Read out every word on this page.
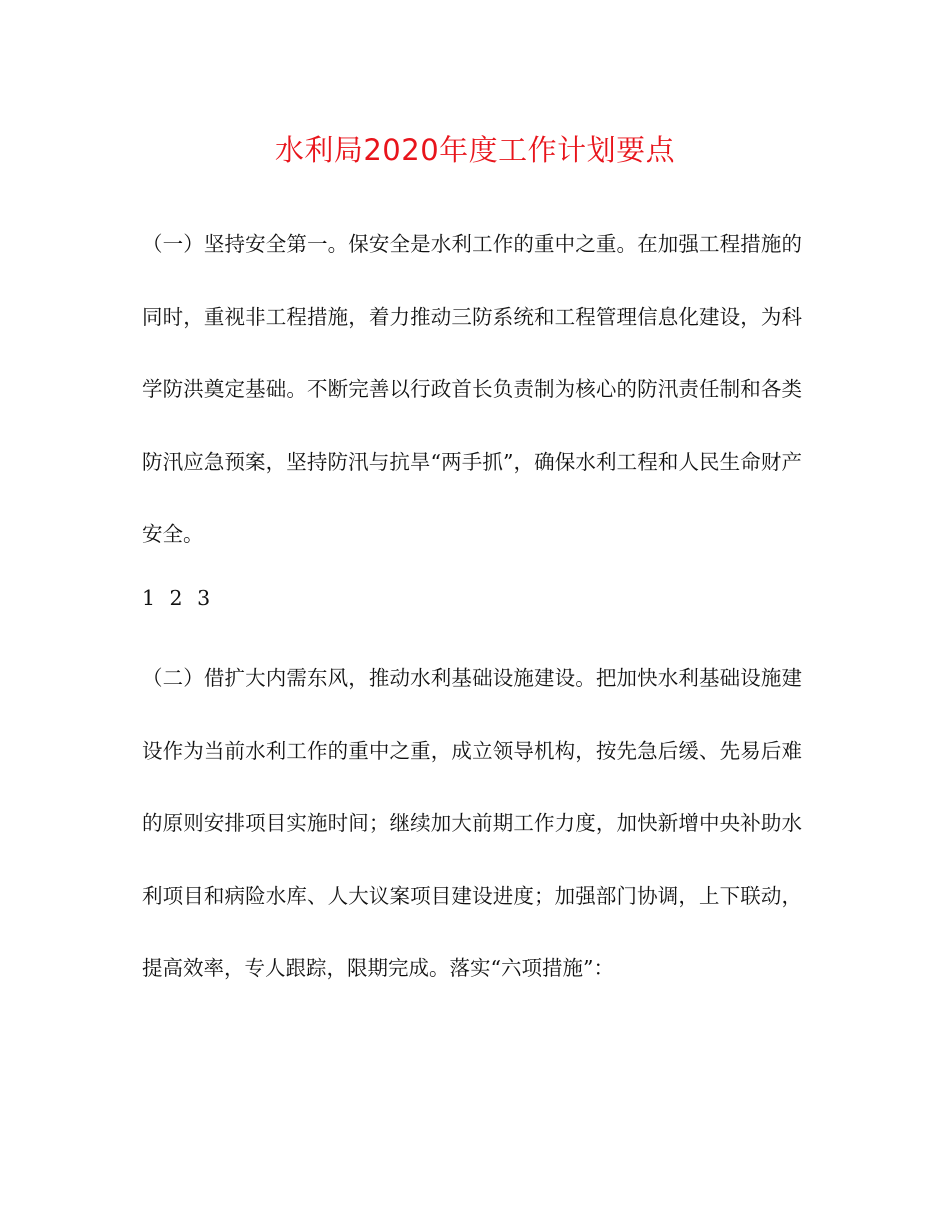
水利局2020年度工作计划要点

（一）坚持安全第一。保安全是水利工作的重中之重。在加强工程措施的同时，重视非工程措施，着力推动三防系统和工程管理信息化建设，为科学防洪奠定基础。不断完善以行政首长负责制为核心的防汛责任制和各类防汛应急预案，坚持防汛与抗旱“两手抓”，确保水利工程和人民生命财产安全。

1 2 3

（二）借扩大内需东风，推动水利基础设施建设。把加快水利基础设施建设作为当前水利工作的重中之重，成立领导机构，按先急后缓、先易后难的原则安排项目实施时间；继续加大前期工作力度，加快新增中央补助水利项目和病险水库、人大议案项目建设进度；加强部门协调，上下联动，提高效率，专人跟踪，限期完成。落实“六项措施”：
